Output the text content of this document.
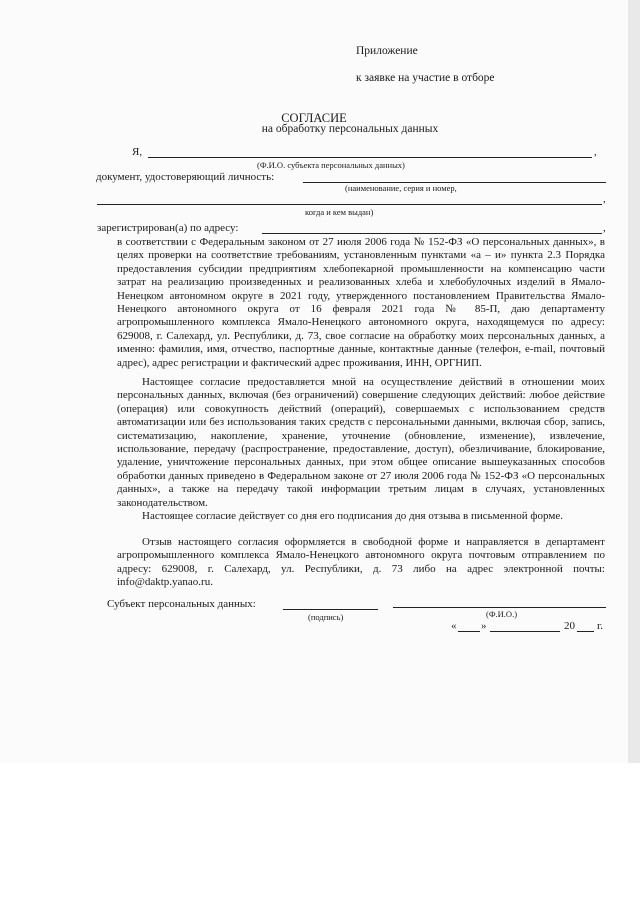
Приложение
к заявке на участие в отборе
СОГЛАСИЕ
на обработку персональных данных
Я,	,
(Ф.И.О. субъекта персональных данных)
документ, удостоверяющий личность:
(наименование, серия и номер,
,
когда и кем выдан)
зарегистрирован(а) по адресу:	,
в соответствии с Федеральным законом от 27 июля 2006 года № 152-ФЗ «О персональных данных», в целях проверки на соответствие требованиям, установленным пунктами «а – и» пункта 2.3 Порядка предоставления субсидии предприятиям хлебопекарной промышленности на компенсацию части затрат на реализацию произведенных и реализованных хлеба и хлебобулочных изделий в Ямало-Ненецком автономном округе в 2021 году, утвержденного постановлением Правительства Ямало-Ненецкого автономного округа от 16 февраля 2021 года № 85-П, даю департаменту агропромышленного комплекса Ямало-Ненецкого автономного округа, находящемуся по адресу: 629008, г. Салехард, ул. Республики, д. 73, свое согласие на обработку моих персональных данных, а именно: фамилия, имя, отчество, паспортные данные, контактные данные (телефон, e-mail, почтовый адрес), адрес регистрации и фактический адрес проживания, ИНН, ОРГНИП.
Настоящее согласие предоставляется мной на осуществление действий в отношении моих персональных данных, включая (без ограничений) совершение следующих действий: любое действие (операция) или совокупность действий (операций), совершаемых с использованием средств автоматизации или без использования таких средств с персональными данными, включая сбор, запись, систематизацию, накопление, хранение, уточнение (обновление, изменение), извлечение, использование, передачу (распространение, предоставление, доступ), обезличивание, блокирование, удаление, уничтожение персональных данных, при этом общее описание вышеуказанных способов обработки данных приведено в Федеральном законе от 27 июля 2006 года № 152-ФЗ «О персональных данных», а также на передачу такой информации третьим лицам в случаях, установленных законодательством.
Настоящее согласие действует со дня его подписания до дня отзыва в письменной форме.
Отзыв настоящего согласия оформляется в свободной форме и направляется в департамент агропромышленного комплекса Ямало-Ненецкого автономного округа почтовым отправлением по адресу: 629008, г. Салехард, ул. Республики, д. 73 либо на адрес электронной почты: info@daktp.yanao.ru.
Субъект персональных данных:
(подпись)	(Ф.И.О.)
« »	20 г.
